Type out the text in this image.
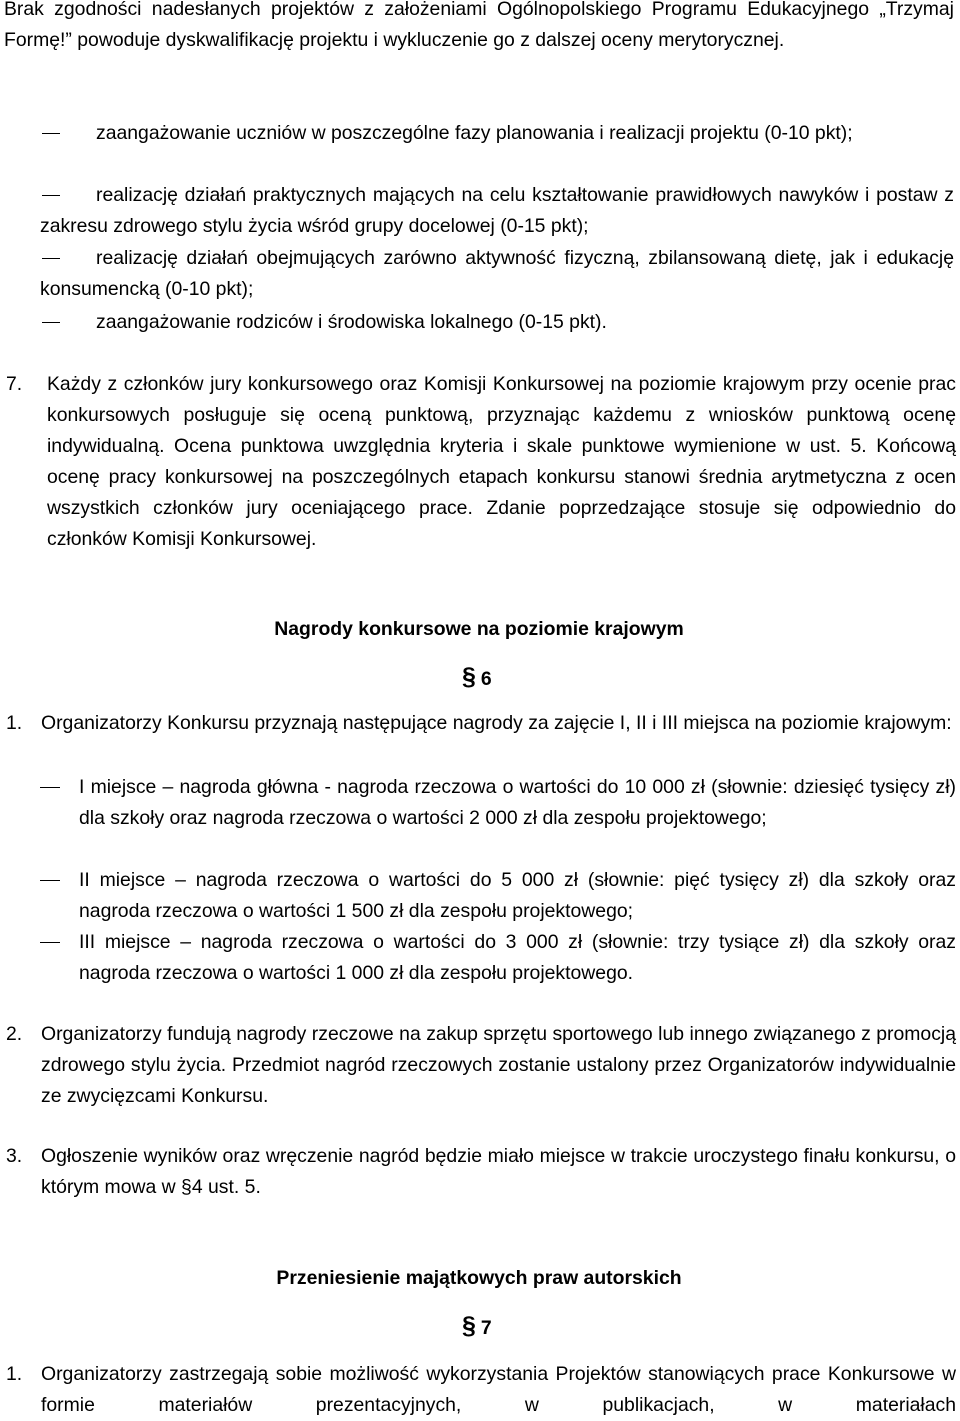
Brak zgodności nadesłanych projektów z założeniami Ogólnopolskiego Programu Edukacyjnego „Trzymaj Formę!” powoduje dyskwalifikację projektu i wykluczenie go z dalszej oceny merytorycznej.

zaangażowanie uczniów w poszczególne fazy planowania i realizacji projektu (0-10 pkt);
realizację działań praktycznych mających na celu kształtowanie prawidłowych nawyków i postaw z zakresu zdrowego stylu życia wśród grupy docelowej (0-15 pkt);
realizację działań obejmujących zarówno aktywność fizyczną, zbilansowaną dietę, jak i edukację konsumencką (0-10 pkt);
zaangażowanie rodziców i środowiska lokalnego (0-15 pkt).
7. Każdy z członków jury konkursowego oraz Komisji Konkursowej na poziomie krajowym przy ocenie prac konkursowych posługuje się oceną punktową, przyznając każdemu z wniosków punktową ocenę indywidualną. Ocena punktowa uwzględnia kryteria i skale punktowe wymienione w ust. 5. Końcową ocenę pracy konkursowej na poszczególnych etapach konkursu stanowi średnia arytmetyczna z ocen wszystkich członków jury oceniającego prace. Zdanie poprzedzające stosuje się odpowiednio do członków Komisji Konkursowej.
Nagrody konkursowe na poziomie krajowym
§ 6
1. Organizatorzy Konkursu przyznają następujące nagrody za zajęcie I, II i III miejsca na poziomie krajowym:
I miejsce – nagroda główna - nagroda rzeczowa o wartości do 10 000 zł (słownie: dziesięć tysięcy zł) dla szkoły oraz nagroda rzeczowa o wartości 2 000 zł dla zespołu projektowego;
II miejsce – nagroda rzeczowa o wartości do 5 000 zł (słownie: pięć tysięcy zł) dla szkoły oraz nagroda rzeczowa o wartości 1 500 zł dla zespołu projektowego;
III miejsce – nagroda rzeczowa o wartości do 3 000 zł (słownie: trzy tysiące zł) dla szkoły oraz nagroda rzeczowa o wartości 1 000 zł dla zespołu projektowego.
2. Organizatorzy fundują nagrody rzeczowe na zakup sprzętu sportowego lub innego związanego z promocją zdrowego stylu życia. Przedmiot nagród rzeczowych zostanie ustalony przez Organizatorów indywidualnie ze zwycięzcami Konkursu.
3. Ogłoszenie wyników oraz wręczenie nagród będzie miało miejsce w trakcie uroczystego finału konkursu, o którym mowa w §4 ust. 5.
Przeniesienie majątkowych praw autorskich
§ 7
1. Organizatorzy zastrzegają sobie możliwość wykorzystania Projektów stanowiących prace Konkursowe w formie materiałów prezentacyjnych, w publikacjach, w materiałach
